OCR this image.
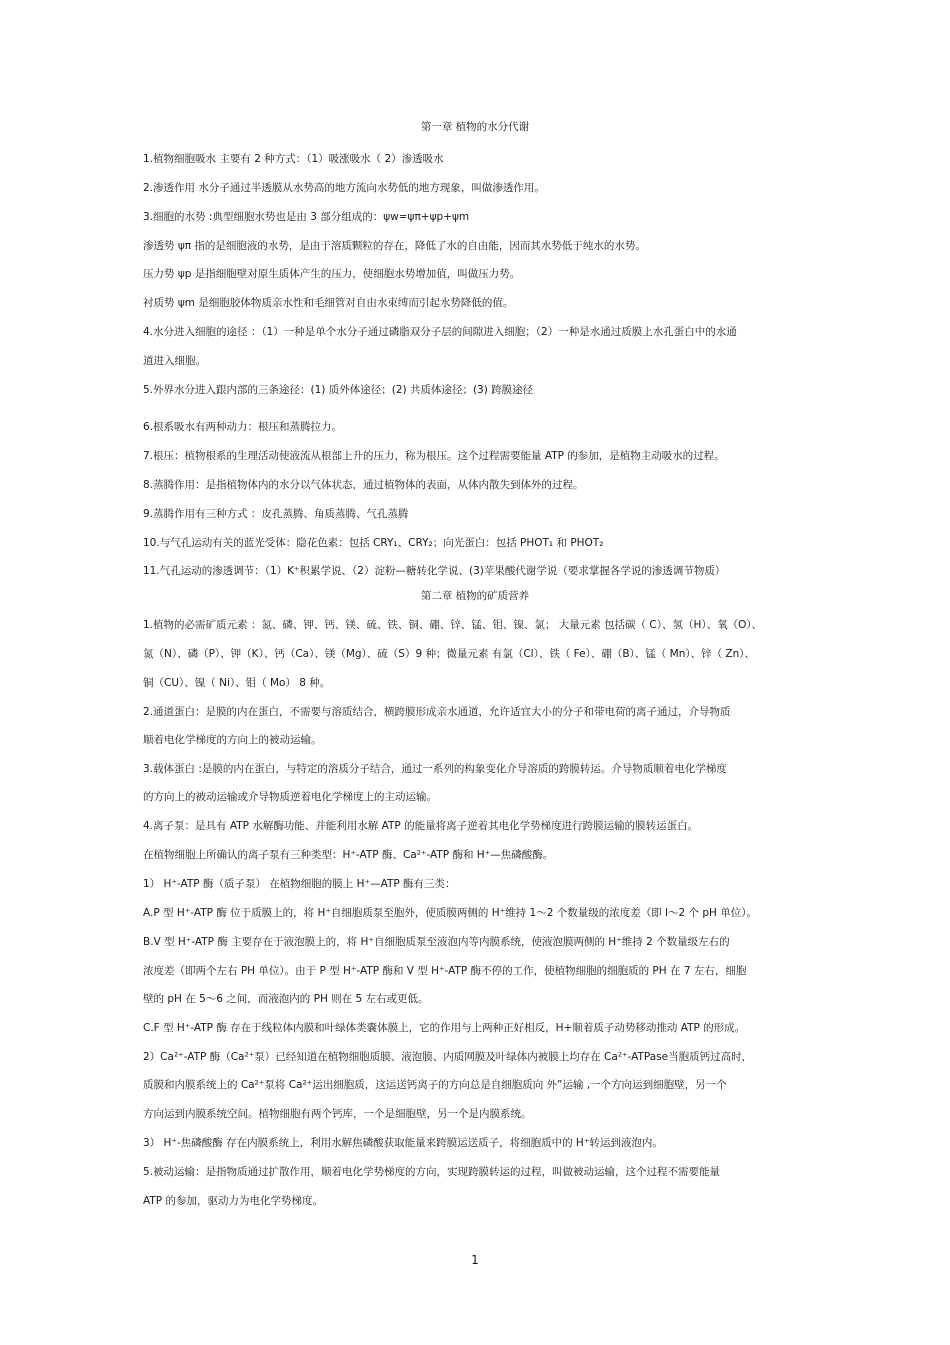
第一章 植物的水分代谢
1.植物细胞吸水 主要有 2 种方式：（1）吸涨吸水（ 2）渗透吸水
2.渗透作用 水分子通过半透膜从水势高的地方流向水势低的地方现象，叫做渗透作用。
3.细胞的水势 :典型细胞水势也是由 3 部分组成的：ψw=ψπ+ψp+ψm
渗透势 ψπ 指的是细胞液的水势，是由于溶质颗粒的存在，降低了水的自由能，因而其水势低于纯水的水势。
压力势 ψp 是指细胞壁对原生质体产生的压力，使细胞水势增加值，叫做压力势。
衬质势 ψm 是细胞胶体物质亲水性和毛细管对自由水束缚而引起水势降低的值。
4.水分进入细胞的途径 ：（1）一种是单个水分子通过磷脂双分子层的间隙进入细胞；（2）一种是水通过质膜上水孔蛋白中的水通
道进入细胞。
5.外界水分进入跟内部的三条途径：(1) 质外体途径；(2) 共质体途径；(3) 跨膜途径
6.根系吸水有两种动力：根压和蒸腾拉力。
7.根压：植物根系的生理活动使液流从根部上升的压力，称为根压。这个过程需要能量 ATP 的参加，是植物主动吸水的过程。
8.蒸腾作用：是指植物体内的水分以气体状态，通过植物体的表面，从体内散失到体外的过程。
9.蒸腾作用有三种方式 ：皮孔蒸腾、角质蒸腾、气孔蒸腾
10.与气孔运动有关的蓝光受体：隐花色素：包括 CRY₁、CRY₂；向光蛋白：包括 PHOT₁ 和 PHOT₂
11.气孔运动的渗透调节：（1）K⁺积累学说、（2）淀粉—糖转化学说、(3)苹果酸代谢学说（要求掌握各学说的渗透调节物质）
第二章 植物的矿质营养
1.植物的必需矿质元素 ：氮、磷、钾、钙、镁、硫、铁、铜、硼、锌、锰、钼、镍、氯； 大量元素 包括碳（ C）、氢（H）、氧（O）、
氮（N）、磷（P）、钾（K）、钙（Ca）、镁（Mg）、硫（S）9 种；微量元素 有氯（Cl）、铁（ Fe）、硼（B）、锰（ Mn）、锌（ Zn）、
铜（CU）、镍（ Ni）、钼（ Mo） 8 种。
2.通道蛋白：是膜的内在蛋白，不需要与溶质结合，横跨膜形成亲水通道，允许适宜大小的分子和带电荷的离子通过，介导物质
顺着电化学梯度的方向上的被动运输。
3.载体蛋白 :是膜的内在蛋白，与特定的溶质分子结合，通过一系列的构象变化介导溶质的跨膜转运。介导物质顺着电化学梯度
的方向上的被动运输或介导物质逆着电化学梯度上的主动运输。
4.离子泵：是具有 ATP 水解酶功能、并能利用水解 ATP 的能量将离子逆着其电化学势梯度进行跨膜运输的膜转运蛋白。
在植物细胞上所确认的离子泵有三种类型：H⁺-ATP 酶、Ca²⁺-ATP 酶和 H⁺—焦磷酸酶。
1） H⁺-ATP 酶（质子泵） 在植物细胞的膜上 H⁺—ATP 酶有三类：
A.P 型 H⁺-ATP 酶 位于质膜上的，将 H⁺自细胞质泵至胞外，使质膜两侧的 H⁺维持 1～2 个数量级的浓度差（即 l～2 个 pH 单位）。
B.V 型 H⁺-ATP 酶 主要存在于液泡膜上的，将 H⁺自细胞质泵至液泡内等内膜系统，使液泡膜两侧的 H⁺维持 2 个数量级左右的
浓度差（即两个左右 PH 单位）。由于 P 型 H⁺-ATP 酶和 V 型 H⁺-ATP 酶不停的工作，使植物细胞的细胞质的 PH 在 7 左右，细胞
壁的 pH 在 5～6 之间，而液泡内的 PH 则在 5 左右或更低。
C.F 型 H⁺-ATP 酶 存在于线粒体内膜和叶绿体类囊体膜上，它的作用与上两种正好相反，H+顺着质子动势移动推动 ATP 的形成。
2）Ca²⁺-ATP 酶（Ca²⁺泵）已经知道在植物细胞质膜、液泡膜、内质网膜及叶绿体内被膜上均存在 Ca²⁺-ATPase当胞质钙过高时，
质膜和内膜系统上的 Ca²⁺泵将 Ca²⁺运出细胞质，这运送钙离子的方向总是自细胞质向 外”运输 ,一个方向运到细胞壁，另一个
方向运到内膜系统空间。植物细胞有两个钙库，一个是细胞壁，另一个是内膜系统。
3） H⁺-焦磷酸酶 存在内膜系统上，利用水解焦磷酸获取能量来跨膜运送质子，将细胞质中的 H⁺转运到液泡内。
5.被动运输：是指物质通过扩散作用，顺着电化学势梯度的方向，实现跨膜转运的过程，叫做被动运输，这个过程不需要能量
ATP 的参加，驱动力为电化学势梯度。
1
